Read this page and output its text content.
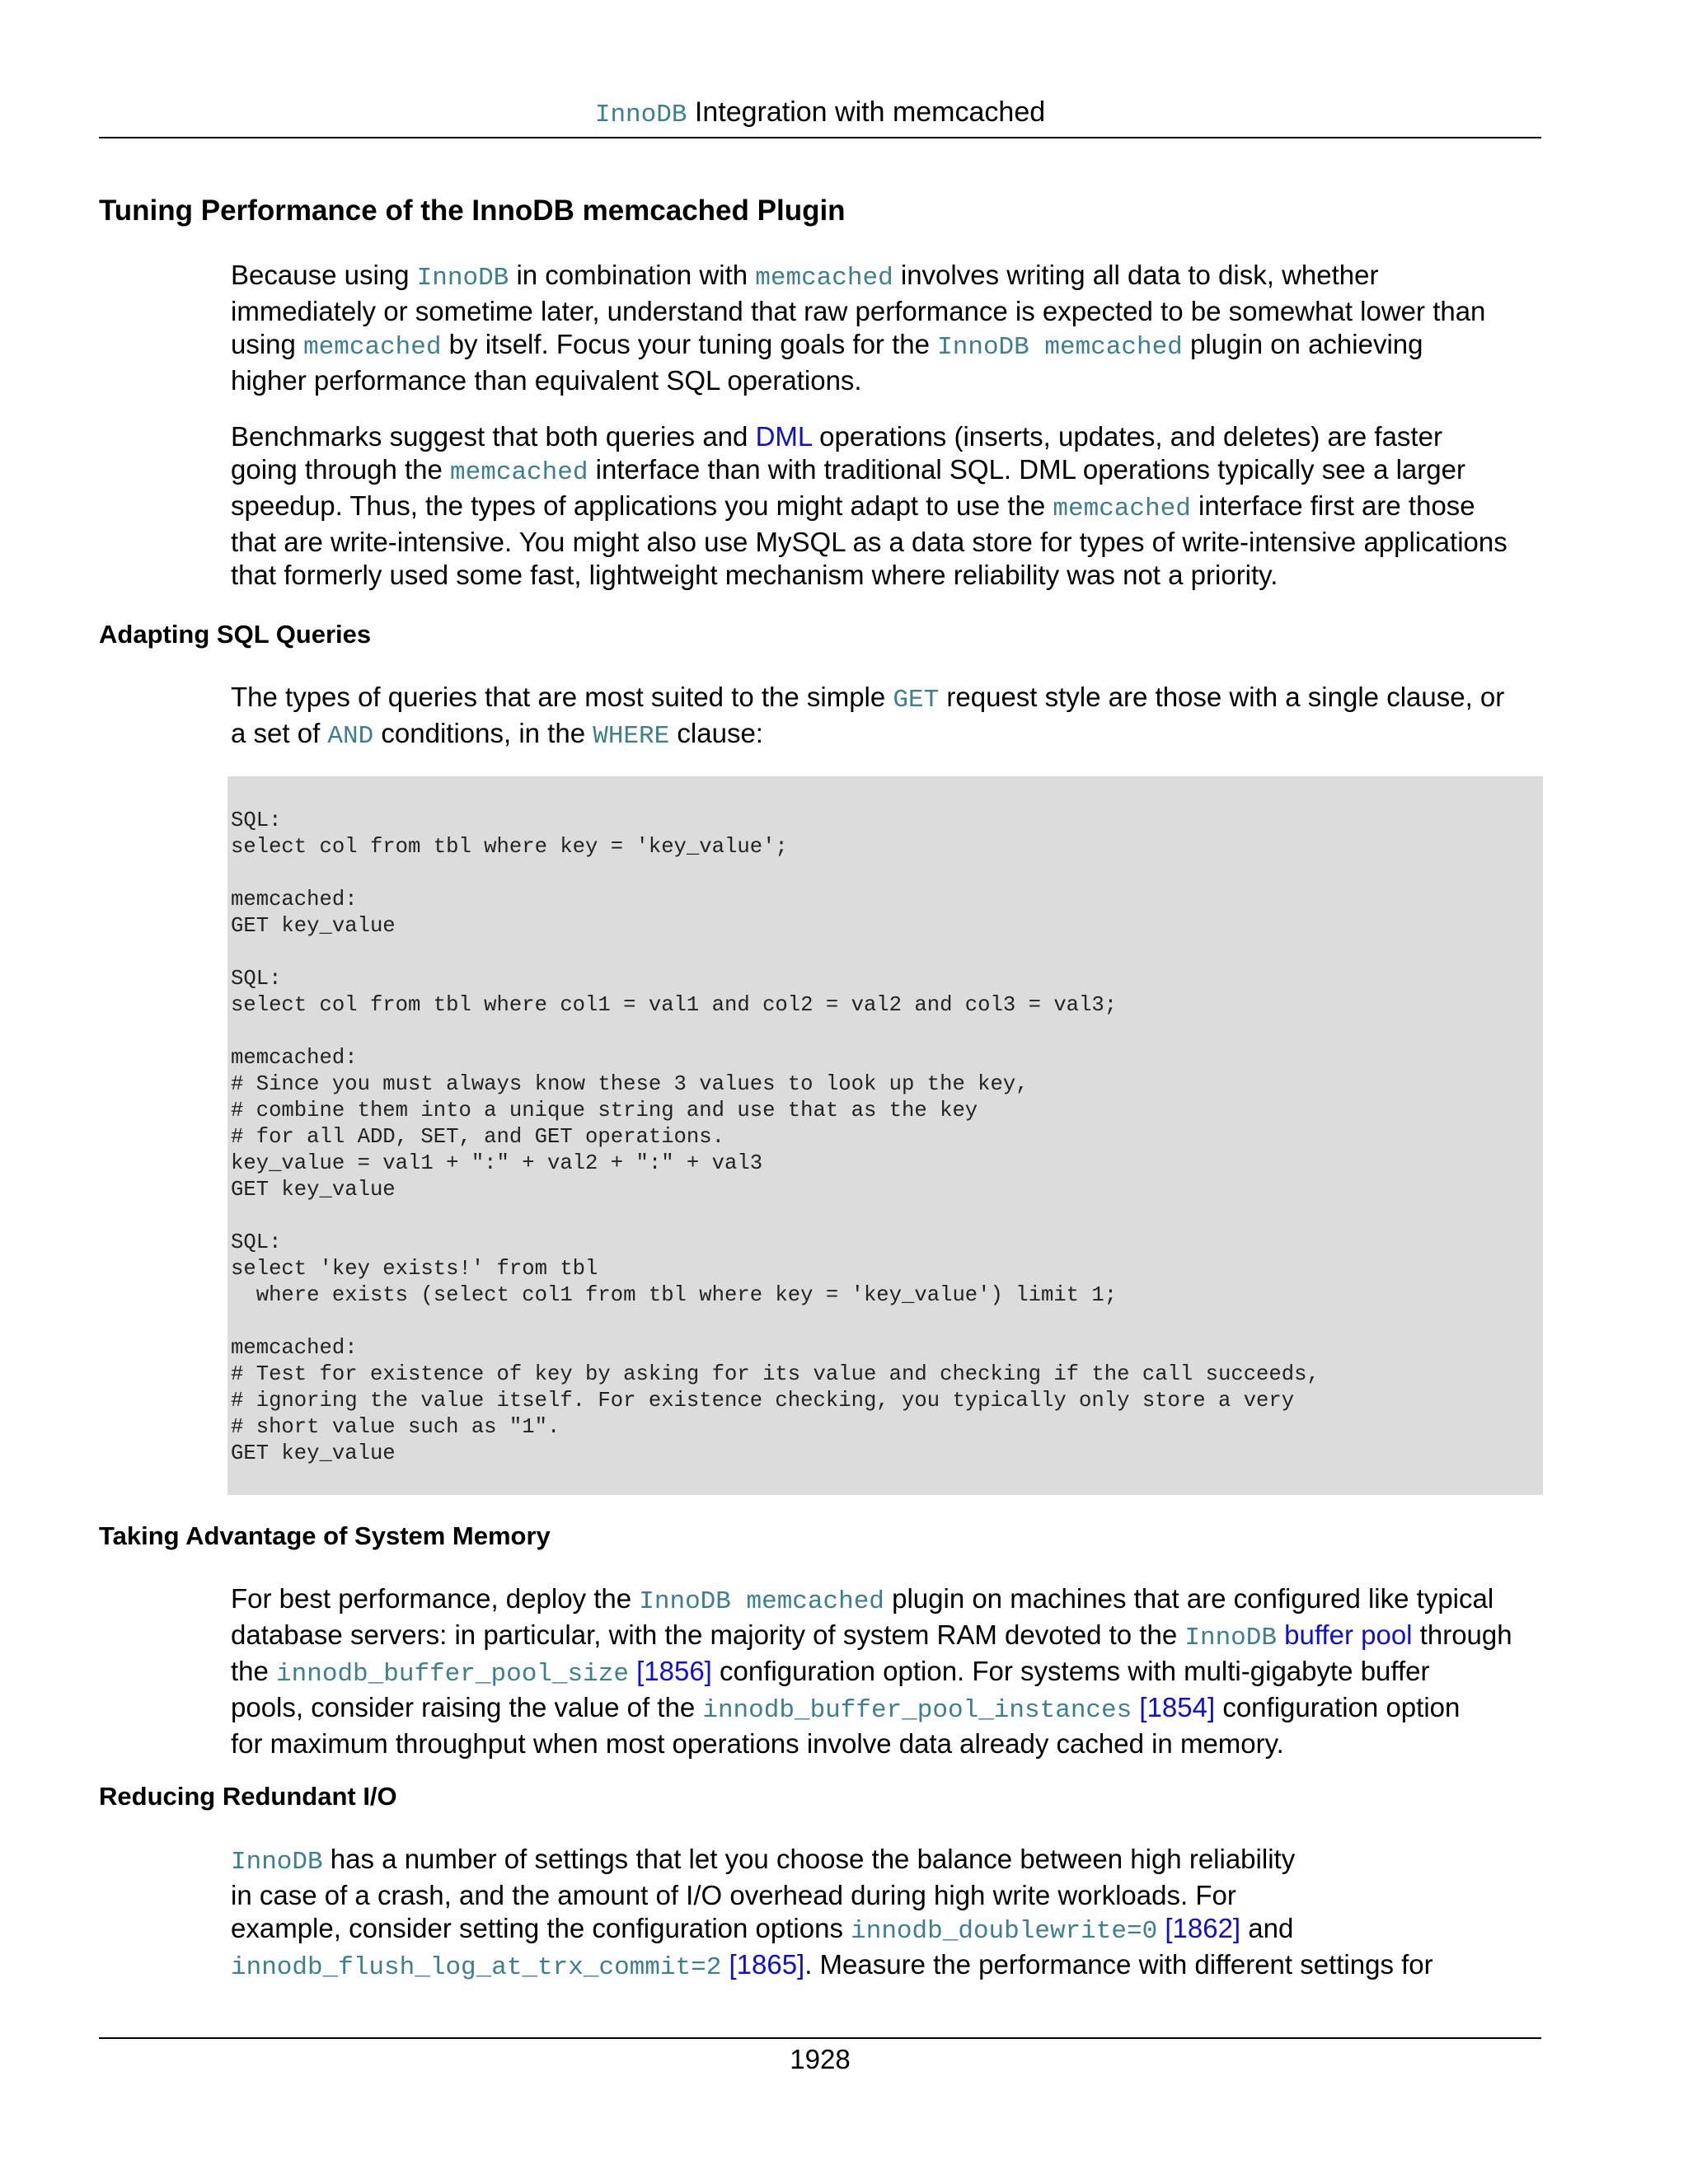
InnoDB Integration with memcached
Tuning Performance of the InnoDB memcached Plugin
Because using InnoDB in combination with memcached involves writing all data to disk, whether
immediately or sometime later, understand that raw performance is expected to be somewhat lower than
using memcached by itself. Focus your tuning goals for the InnoDB memcached plugin on achieving
higher performance than equivalent SQL operations.
Benchmarks suggest that both queries and DML operations (inserts, updates, and deletes) are faster
going through the memcached interface than with traditional SQL. DML operations typically see a larger
speedup. Thus, the types of applications you might adapt to use the memcached interface first are those
that are write-intensive. You might also use MySQL as a data store for types of write-intensive applications
that formerly used some fast, lightweight mechanism where reliability was not a priority.
Adapting SQL Queries
The types of queries that are most suited to the simple GET request style are those with a single clause, or
a set of AND conditions, in the WHERE clause:
SQL:
select col from tbl where key = 'key_value';
memcached:
GET key_value
SQL:
select col from tbl where col1 = val1 and col2 = val2 and col3 = val3;
memcached:
# Since you must always know these 3 values to look up the key,
# combine them into a unique string and use that as the key
# for all ADD, SET, and GET operations.
key_value = val1 + ":" + val2 + ":" + val3
GET key_value
SQL:
select 'key exists!' from tbl
where exists (select col1 from tbl where key = 'key_value') limit 1;
memcached:
# Test for existence of key by asking for its value and checking if the call succeeds,
# ignoring the value itself. For existence checking, you typically only store a very
# short value such as "1".
GET key_value
Taking Advantage of System Memory
For best performance, deploy the InnoDB memcached plugin on machines that are configured like typical
database servers: in particular, with the majority of system RAM devoted to the InnoDB buffer pool through
the innodb_buffer_pool_size [1856] configuration option. For systems with multi-gigabyte buffer
pools, consider raising the value of the innodb_buffer_pool_instances [1854] configuration option
for maximum throughput when most operations involve data already cached in memory.
Reducing Redundant I/O
InnoDB has a number of settings that let you choose the balance between high reliability
in case of a crash, and the amount of I/O overhead during high write workloads. For
example, consider setting the configuration options innodb_doublewrite=0 [1862] and
innodb_flush_log_at_trx_commit=2 [1865]. Measure the performance with different settings for
1928
